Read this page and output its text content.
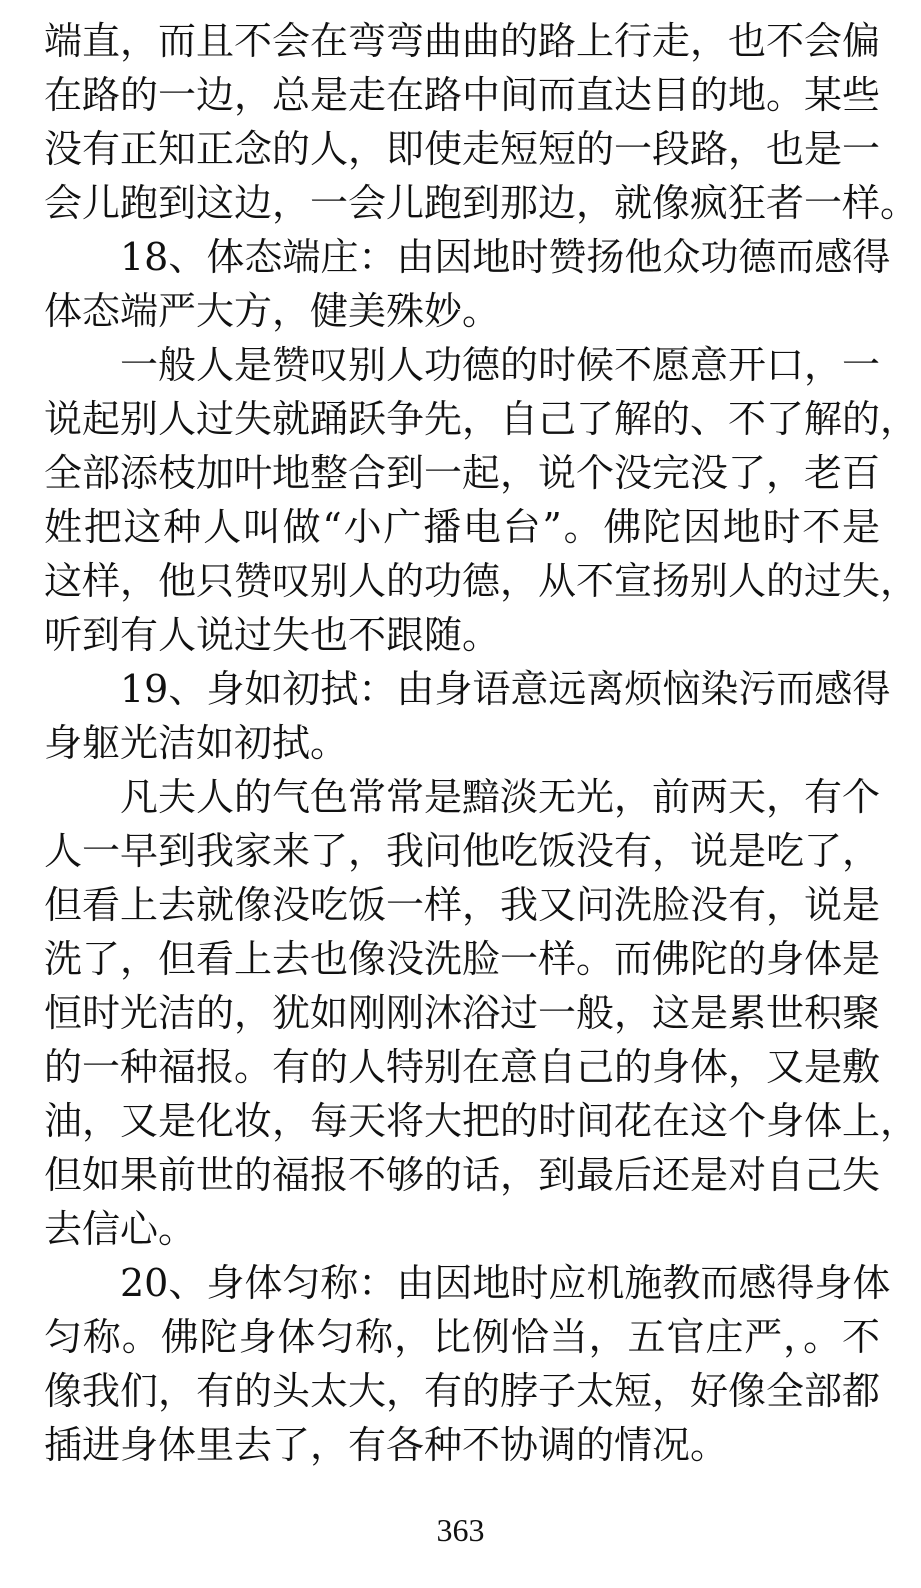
端直，而且不会在弯弯曲曲的路上行走，也不会偏
在路的一边，总是走在路中间而直达目的地。某些
没有正知正念的人，即使走短短的一段路，也是一
会儿跑到这边，一会儿跑到那边，就像疯狂者一样。
18、体态端庄：由因地时赞扬他众功德而感得
体态端严大方，健美殊妙。
一般人是赞叹别人功德的时候不愿意开口，一
说起别人过失就踊跃争先，自己了解的、不了解的，
全部添枝加叶地整合到一起，说个没完没了，老百
姓把这种人叫做“小广播电台”。佛陀因地时不是
这样，他只赞叹别人的功德，从不宣扬别人的过失，
听到有人说过失也不跟随。
19、身如初拭：由身语意远离烦恼染污而感得
身躯光洁如初拭。
凡夫人的气色常常是黯淡无光，前两天，有个
人一早到我家来了，我问他吃饭没有，说是吃了，
但看上去就像没吃饭一样，我又问洗脸没有，说是
洗了，但看上去也像没洗脸一样。而佛陀的身体是
恒时光洁的，犹如刚刚沐浴过一般，这是累世积聚
的一种福报。有的人特别在意自己的身体，又是敷
油，又是化妆，每天将大把的时间花在这个身体上，
但如果前世的福报不够的话，到最后还是对自己失
去信心。
20、身体匀称：由因地时应机施教而感得身体
匀称。佛陀身体匀称，比例恰当，五官庄严，。不
像我们，有的头太大，有的脖子太短，好像全部都
插进身体里去了，有各种不协调的情况。
363
